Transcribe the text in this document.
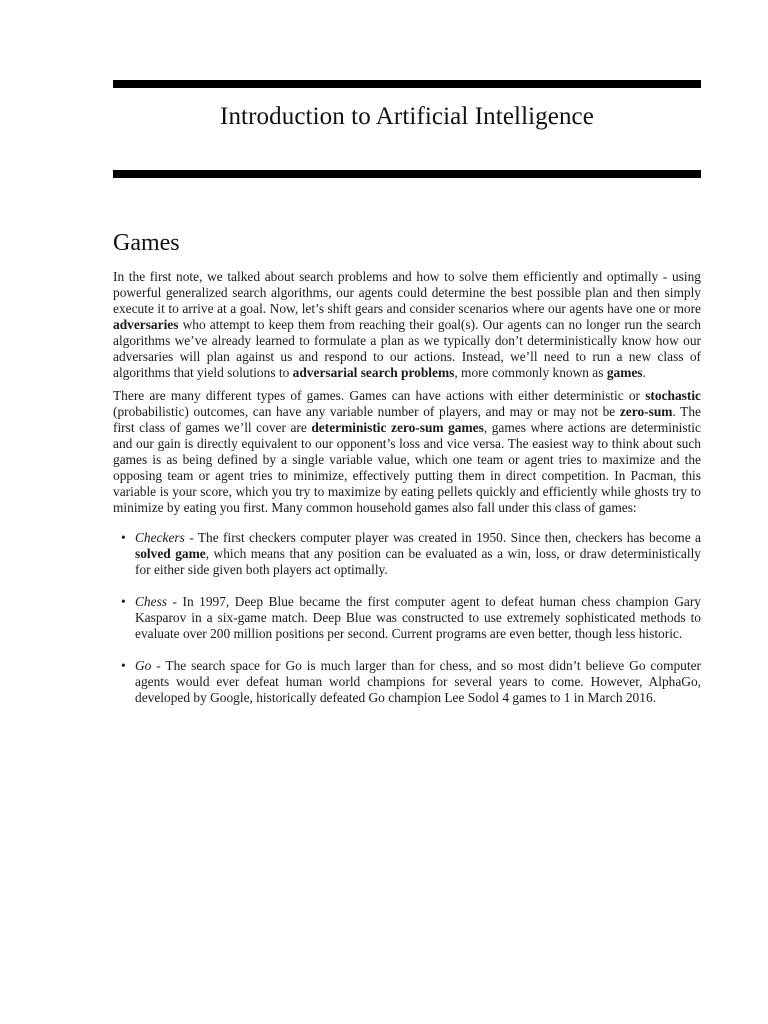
Introduction to Artificial Intelligence
Games

In the first note, we talked about search problems and how to solve them efficiently and optimally - using powerful generalized search algorithms, our agents could determine the best possible plan and then simply execute it to arrive at a goal. Now, let’s shift gears and consider scenarios where our agents have one or more adversaries who attempt to keep them from reaching their goal(s). Our agents can no longer run the search algorithms we’ve already learned to formulate a plan as we typically don’t deterministically know how our adversaries will plan against us and respond to our actions. Instead, we’ll need to run a new class of algorithms that yield solutions to adversarial search problems, more commonly known as games.

There are many different types of games. Games can have actions with either deterministic or stochastic (probabilistic) outcomes, can have any variable number of players, and may or may not be zero-sum. The first class of games we’ll cover are deterministic zero-sum games, games where actions are deterministic and our gain is directly equivalent to our opponent’s loss and vice versa. The easiest way to think about such games is as being defined by a single variable value, which one team or agent tries to maximize and the opposing team or agent tries to minimize, effectively putting them in direct competition. In Pacman, this variable is your score, which you try to maximize by eating pellets quickly and efficiently while ghosts try to minimize by eating you first. Many common household games also fall under this class of games:

• Checkers - The first checkers computer player was created in 1950. Since then, checkers has become a solved game, which means that any position can be evaluated as a win, loss, or draw deterministically for either side given both players act optimally.
• Chess - In 1997, Deep Blue became the first computer agent to defeat human chess champion Gary Kasparov in a six-game match. Deep Blue was constructed to use extremely sophisticated methods to evaluate over 200 million positions per second. Current programs are even better, though less historic.
• Go - The search space for Go is much larger than for chess, and so most didn’t believe Go computer agents would ever defeat human world champions for several years to come. However, AlphaGo, developed by Google, historically defeated Go champion Lee Sodol 4 games to 1 in March 2016.
